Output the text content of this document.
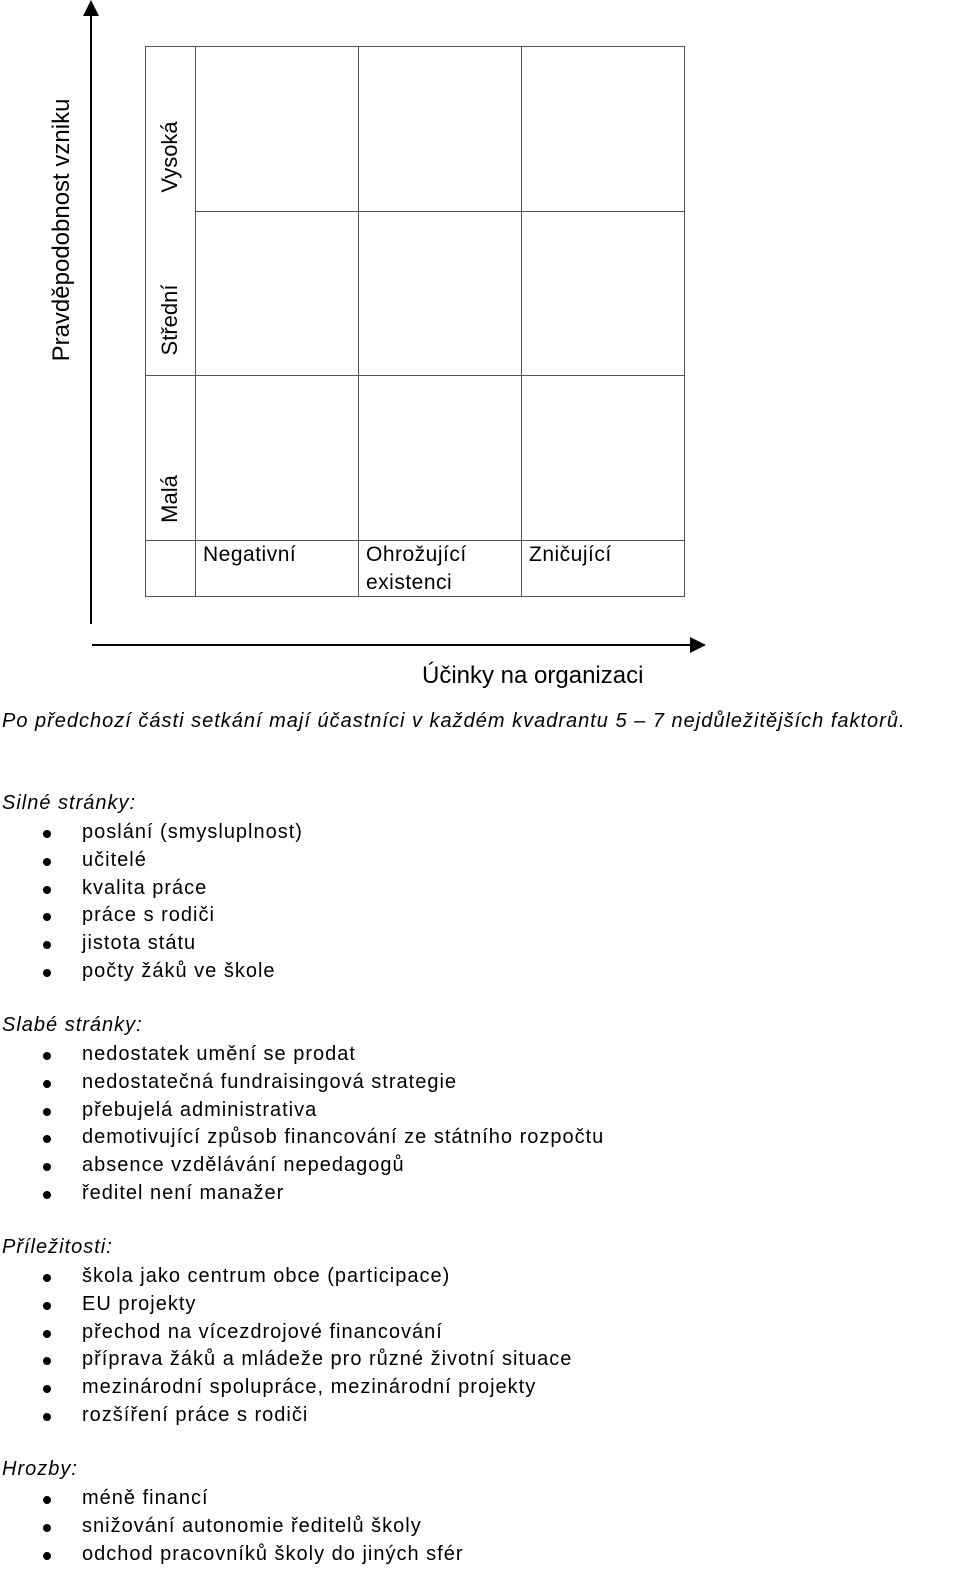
Pravděpodobnost vzniku
Účinky na organizaci
Vysoká
Střední
Malá
Negativní	Ohrožující
existenci
Zničující
Po předchozí části setkání mají účastníci v každém kvadrantu 5 – 7 nejdůležitějších faktorů.
Silné stránky:
poslání (smysluplnost)
učitelé
kvalita práce
práce s rodiči
jistota státu
počty žáků ve škole
Slabé stránky:
nedostatek umění se prodat
nedostatečná fundraisingová strategie
přebujelá administrativa
demotivující způsob financování ze státního rozpočtu
absence vzdělávání nepedagogů
ředitel není manažer
Příležitosti:
škola jako centrum obce (participace)
EU projekty
přechod na vícezdrojové financování
příprava žáků a mládeže pro různé životní situace
mezinárodní spolupráce, mezinárodní projekty
rozšíření práce s rodiči
Hrozby:
méně financí
snižování autonomie ředitelů školy
odchod pracovníků školy do jiných sfér
